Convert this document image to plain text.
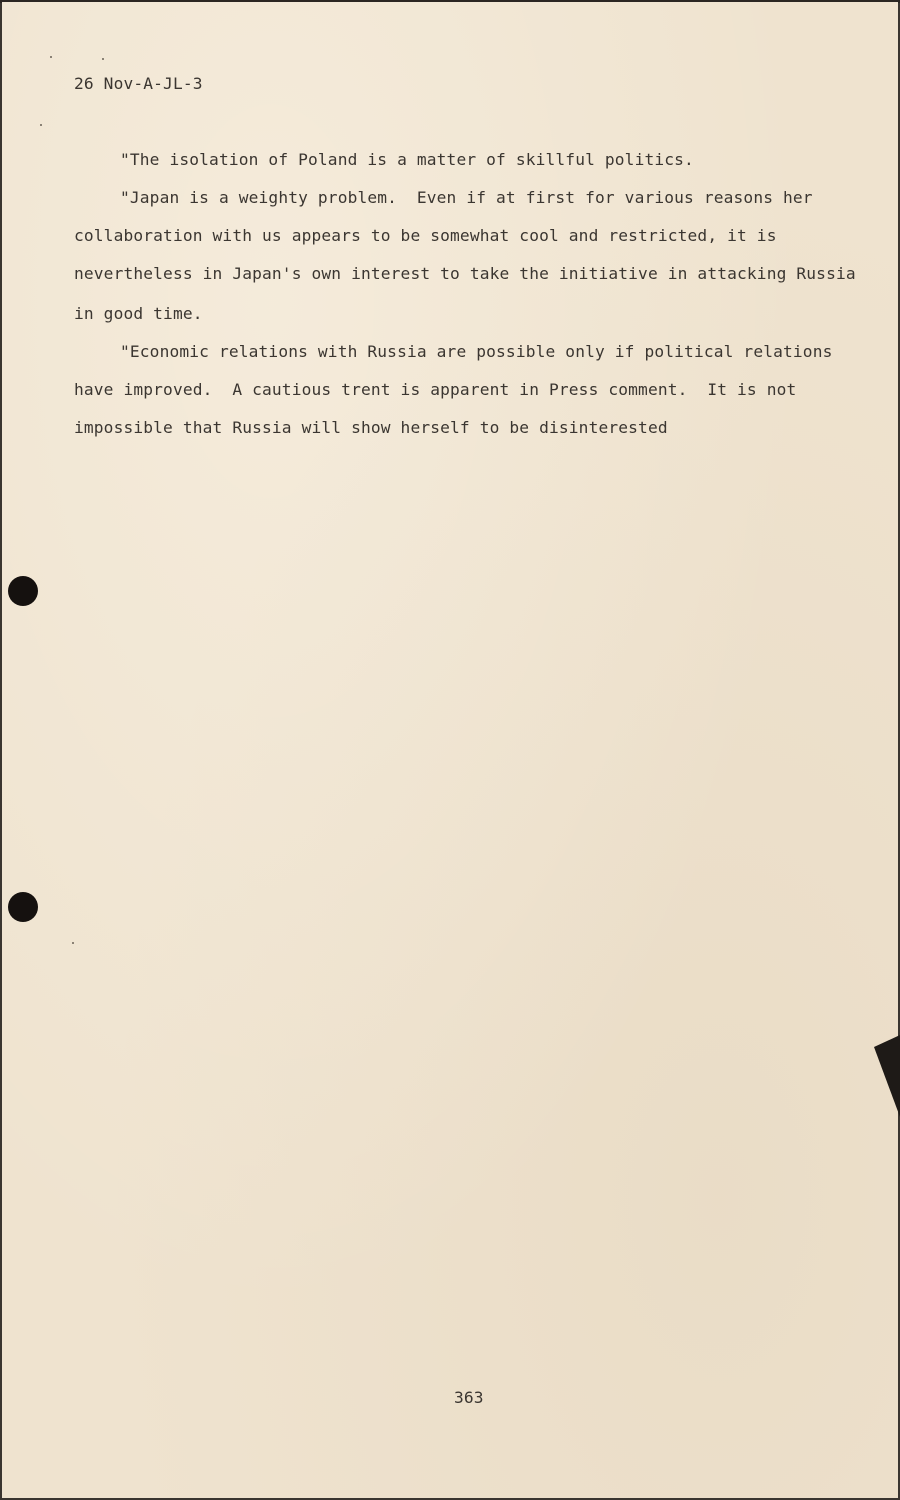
26 Nov-A-JL-3
"The isolation of Poland is a matter of skillful politics.
"Japan is a weighty problem.  Even if at first for various reasons her
collaboration with us appears to be somewhat cool and restricted, it is
nevertheless in Japan's own interest to take the initiative in attacking Russia
in good time.
"Economic relations with Russia are possible only if political relations
have improved.  A cautious trent is apparent in Press comment.  It is not
impossible that Russia will show herself to be disinterested
363
